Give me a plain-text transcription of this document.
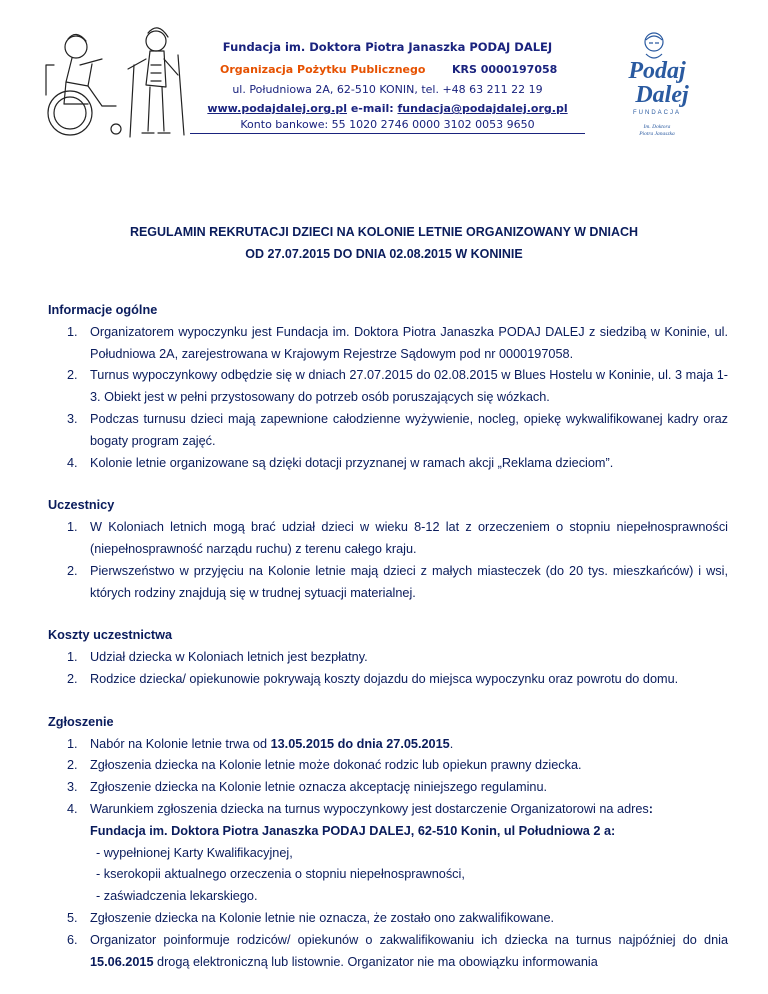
Fundacja im. Doktora Piotra Janaszka PODAJ DALEJ
Organizacja Pożytku Publicznego KRS 0000197058
ul. Południowa 2A, 62-510 KONIN, tel. +48 63 211 22 19
www.podajdalej.org.pl e-mail: fundacja@podajdalej.org.pl
Konto bankowe: 55 1020 2746 0000 3102 0053 9650
Podaj
Dalej
FUNDACJA
Im. Doktora
Piotra Janaszka
REGULAMIN REKRUTACJI DZIECI NA KOLONIE LETNIE ORGANIZOWANY W DNIACH
OD 27.07.2015 DO DNIA 02.08.2015 W KONINIE
Informacje ogólne
1. Organizatorem wypoczynku jest Fundacja im. Doktora Piotra Janaszka PODAJ DALEJ z siedzibą w Koninie, ul. Południowa 2A, zarejestrowana w Krajowym Rejestrze Sądowym pod nr 0000197058.
2. Turnus wypoczynkowy odbędzie się w dniach 27.07.2015 do 02.08.2015 w Blues Hostelu w Koninie, ul. 3 maja 1-3. Obiekt jest w pełni przystosowany do potrzeb osób poruszających się wózkach.
3. Podczas turnusu dzieci mają zapewnione całodzienne wyżywienie, nocleg, opiekę wykwalifikowanej kadry oraz bogaty program zajęć.
4. Kolonie letnie organizowane są dzięki dotacji przyznanej w ramach akcji „Reklama dzieciom”.
Uczestnicy
1. W Koloniach letnich mogą brać udział dzieci w wieku 8-12 lat z orzeczeniem o stopniu niepełnosprawności (niepełnosprawność narządu ruchu) z terenu całego kraju.
2. Pierwszeństwo w przyjęciu na Kolonie letnie mają dzieci z małych miasteczek (do 20 tys. mieszkańców) i wsi, których rodziny znajdują się w trudnej sytuacji materialnej.
Koszty uczestnictwa
1. Udział dziecka w Koloniach letnich jest bezpłatny.
2. Rodzice dziecka/ opiekunowie pokrywają koszty dojazdu do miejsca wypoczynku oraz powrotu do domu.
Zgłoszenie
1. Nabór na Kolonie letnie trwa od 13.05.2015 do dnia 27.05.2015.
2. Zgłoszenia dziecka na Kolonie letnie może dokonać rodzic lub opiekun prawny dziecka.
3. Zgłoszenie dziecka na Kolonie letnie oznacza akceptację niniejszego regulaminu.
4. Warunkiem zgłoszenia dziecka na turnus wypoczynkowy jest dostarczenie Organizatorowi na adres:
Fundacja im. Doktora Piotra Janaszka PODAJ DALEJ, 62-510 Konin, ul Południowa 2 a:
- wypełnionej Karty Kwalifikacyjnej,
- kserokopii aktualnego orzeczenia o stopniu niepełnosprawności,
- zaświadczenia lekarskiego.
5. Zgłoszenie dziecka na Kolonie letnie nie oznacza, że zostało ono zakwalifikowane.
6. Organizator poinformuje rodziców/ opiekunów o zakwalifikowaniu ich dziecka na turnus najpóźniej do dnia 15.06.2015 drogą elektroniczną lub listownie. Organizator nie ma obowiązku informowania
